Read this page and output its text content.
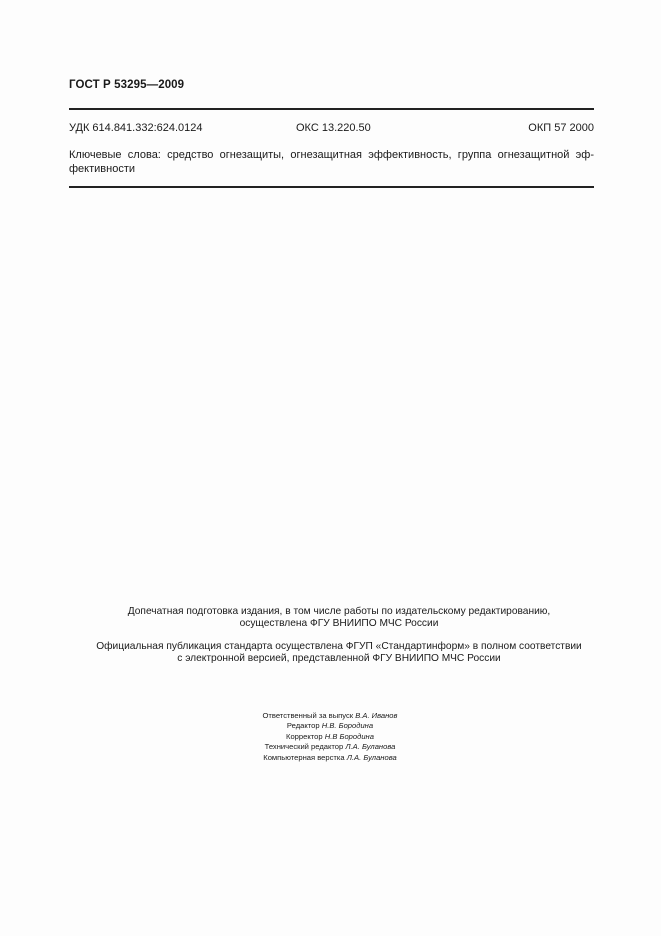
ГОСТ Р 53295—2009
УДК 614.841.332:624.0124	ОКС 13.220.50	ОКП 57 2000
Ключевые слова: средство огнезащиты, огнезащитная эффективность, группа огнезащитной эф-
фективности
Допечатная подготовка издания, в том числе работы по издательскому редактированию,
осуществлена ФГУ ВНИИПО МЧС России
Официальная публикация стандарта осуществлена ФГУП «Стандартинформ» в полном соответствии
с электронной версией, представленной ФГУ ВНИИПО МЧС России
Ответственный за выпуск В.А. Иванов
Редактор Н.В. Бородина
Корректор Н.В Бородина
Технический редактор Л.А. Буланова
Компьютерная верстка Л.А. Буланова
